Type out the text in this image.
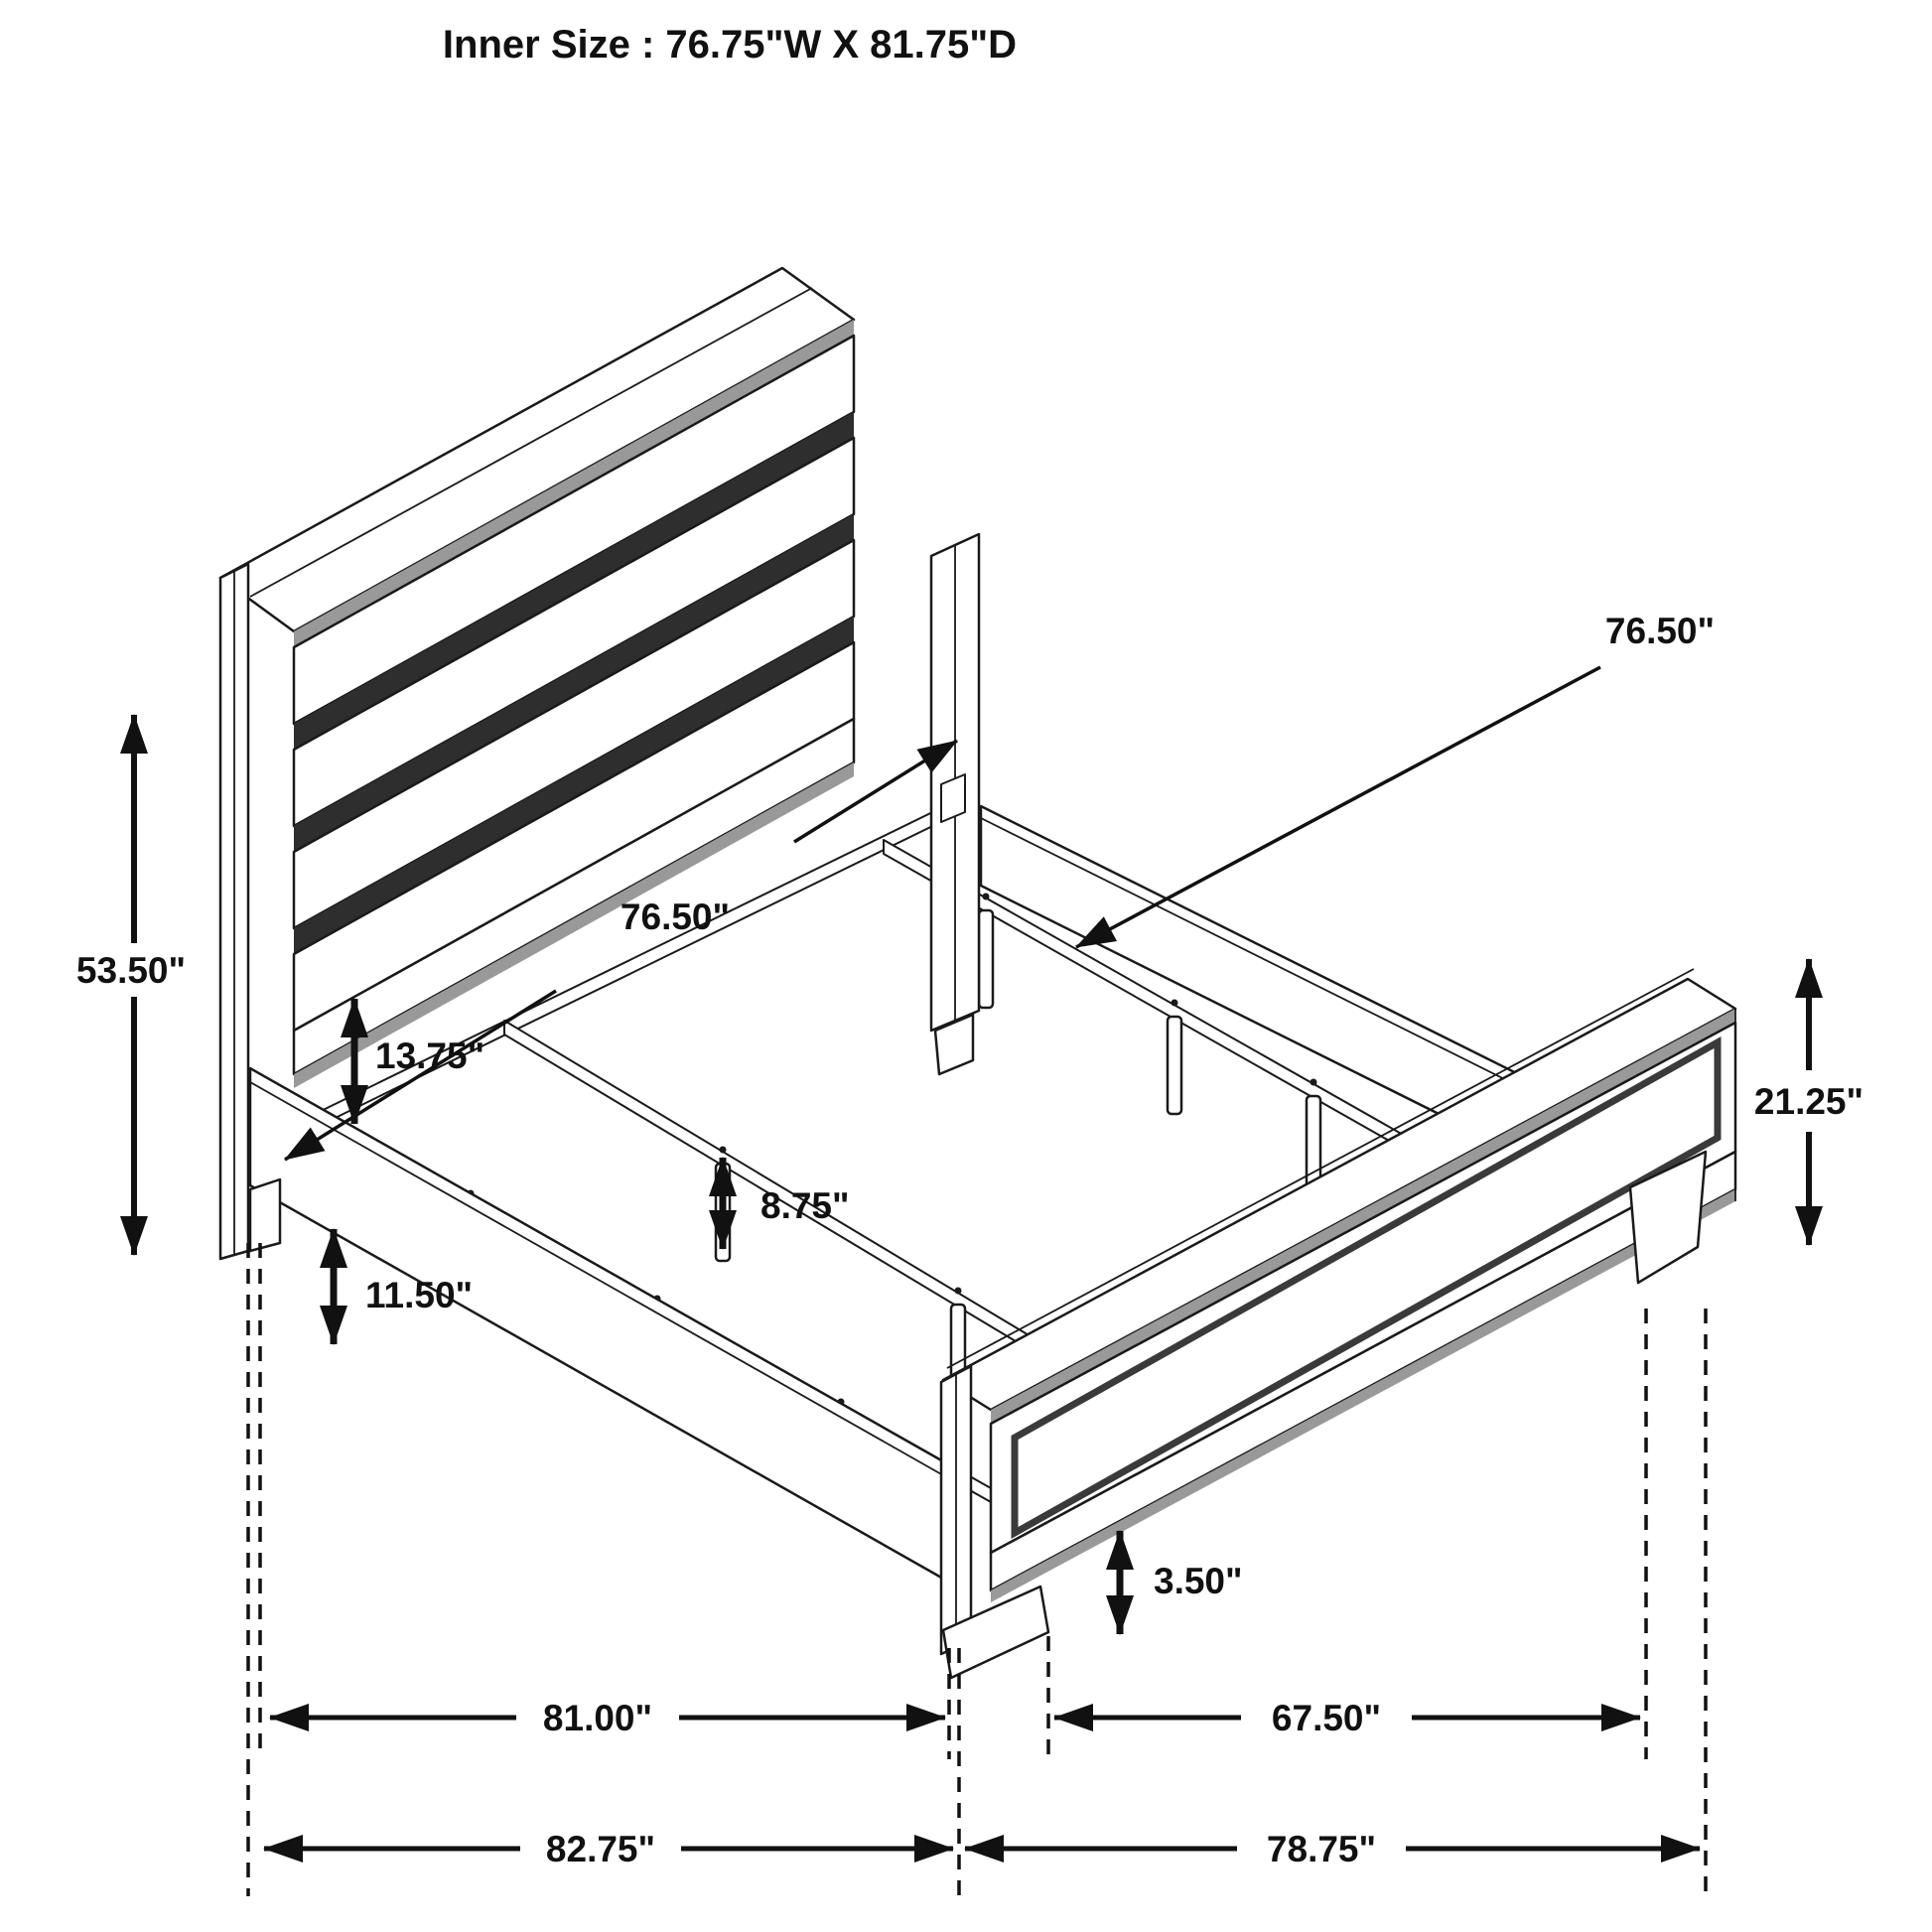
Inner Size : 76.75"W X 81.75"D
53.50"
76.50"
76.50"
13.75"
8.75"
11.50"
21.25"
3.50"
81.00"	67.50"
82.75"	78.75"
